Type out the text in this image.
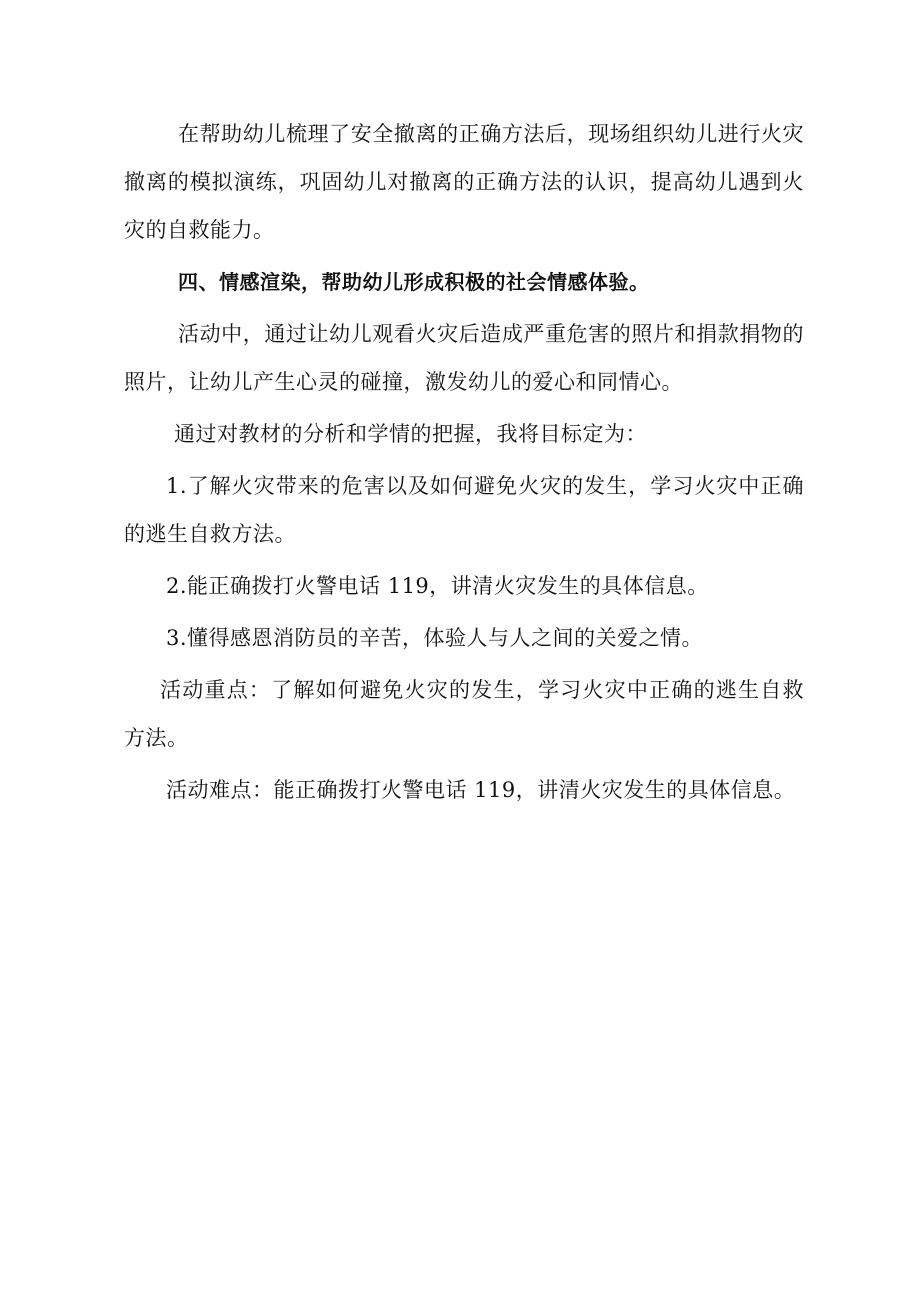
在帮助幼儿梳理了安全撤离的正确方法后，现场组织幼儿进行火灾撤离的模拟演练，巩固幼儿对撤离的正确方法的认识，提高幼儿遇到火灾的自救能力。

四、情感渲染，帮助幼儿形成积极的社会情感体验。

活动中，通过让幼儿观看火灾后造成严重危害的照片和捐款捐物的照片，让幼儿产生心灵的碰撞，激发幼儿的爱心和同情心。

通过对教材的分析和学情的把握，我将目标定为：

1.了解火灾带来的危害以及如何避免火灾的发生，学习火灾中正确的逃生自救方法。

2.能正确拨打火警电话 119，讲清火灾发生的具体信息。

3.懂得感恩消防员的辛苦，体验人与人之间的关爱之情。

活动重点：了解如何避免火灾的发生，学习火灾中正确的逃生自救方法。

活动难点：能正确拨打火警电话 119，讲清火灾发生的具体信息。
